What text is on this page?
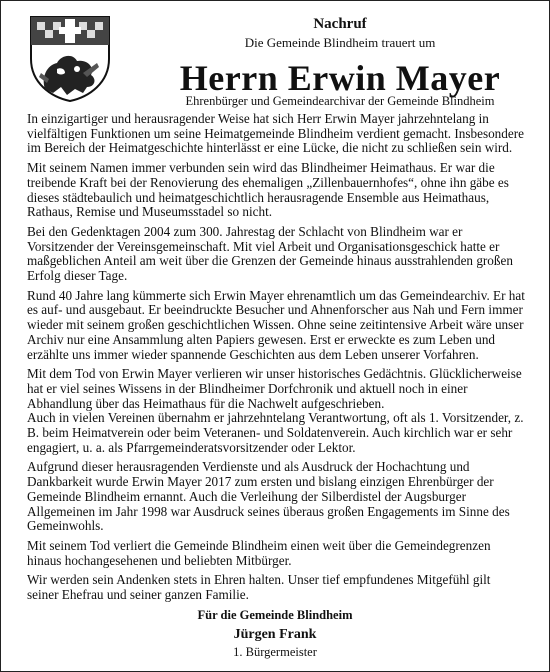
Nachruf
Die Gemeinde Blindheim trauert um
Herrn Erwin Mayer
Ehrenbürger und Gemeindearchivar der Gemeinde Blindheim

In einzigartiger und herausragender Weise hat sich Herr Erwin Mayer jahrzehntelang in vielfältigen Funktionen um seine Heimatgemeinde Blindheim verdient gemacht. Insbesondere im Bereich der Heimatgeschichte hinterlässt er eine Lücke, die nicht zu schließen sein wird.

Mit seinem Namen immer verbunden sein wird das Blindheimer Heimathaus. Er war die treibende Kraft bei der Renovierung des ehemaligen „Zillenbauernhofes“, ohne ihn gäbe es dieses städtebaulich und heimatgeschichtlich herausragende Ensemble aus Heimathaus, Rathaus, Remise und Museumsstadel so nicht.

Bei den Gedenktagen 2004 zum 300. Jahrestag der Schlacht von Blindheim war er Vorsitzender der Vereinsgemeinschaft. Mit viel Arbeit und Organisationsgeschick hatte er maßgeblichen Anteil am weit über die Grenzen der Gemeinde hinaus ausstrahlenden großen Erfolg dieser Tage.

Rund 40 Jahre lang kümmerte sich Erwin Mayer ehrenamtlich um das Gemeindearchiv. Er hat es auf- und ausgebaut. Er beeindruckte Besucher und Ahnenforscher aus Nah und Fern immer wieder mit seinem großen geschichtlichen Wissen. Ohne seine zeitintensive Arbeit wäre unser Archiv nur eine Ansammlung alten Papiers gewesen. Erst er erweckte es zum Leben und erzählte uns immer wieder spannende Geschichten aus dem Leben unserer Vorfahren.

Mit dem Tod von Erwin Mayer verlieren wir unser historisches Gedächtnis. Glücklicherweise hat er viel seines Wissens in der Blindheimer Dorfchronik und aktuell noch in einer Abhandlung über das Heimathaus für die Nachwelt aufgeschrieben.

Auch in vielen Vereinen übernahm er jahrzehntelang Verantwortung, oft als 1. Vorsitzender, z. B. beim Heimatverein oder beim Veteranen- und Soldatenverein. Auch kirchlich war er sehr engagiert, u. a. als Pfarrgemeinderatsvorsitzender oder Lektor.

Aufgrund dieser herausragenden Verdienste und als Ausdruck der Hochachtung und Dankbarkeit wurde Erwin Mayer 2017 zum ersten und bislang einzigen Ehrenbürger der Gemeinde Blindheim ernannt. Auch die Verleihung der Silberdistel der Augsburger Allgemeinen im Jahr 1998 war Ausdruck seines überaus großen Engagements im Sinne des Gemeinwohls.

Mit seinem Tod verliert die Gemeinde Blindheim einen weit über die Gemeindegrenzen hinaus hochangesehenen und beliebten Mitbürger.

Wir werden sein Andenken stets in Ehren halten. Unser tief empfundenes Mitgefühl gilt seiner Ehefrau und seiner ganzen Familie.

Für die Gemeinde Blindheim
Jürgen Frank
1. Bürgermeister
